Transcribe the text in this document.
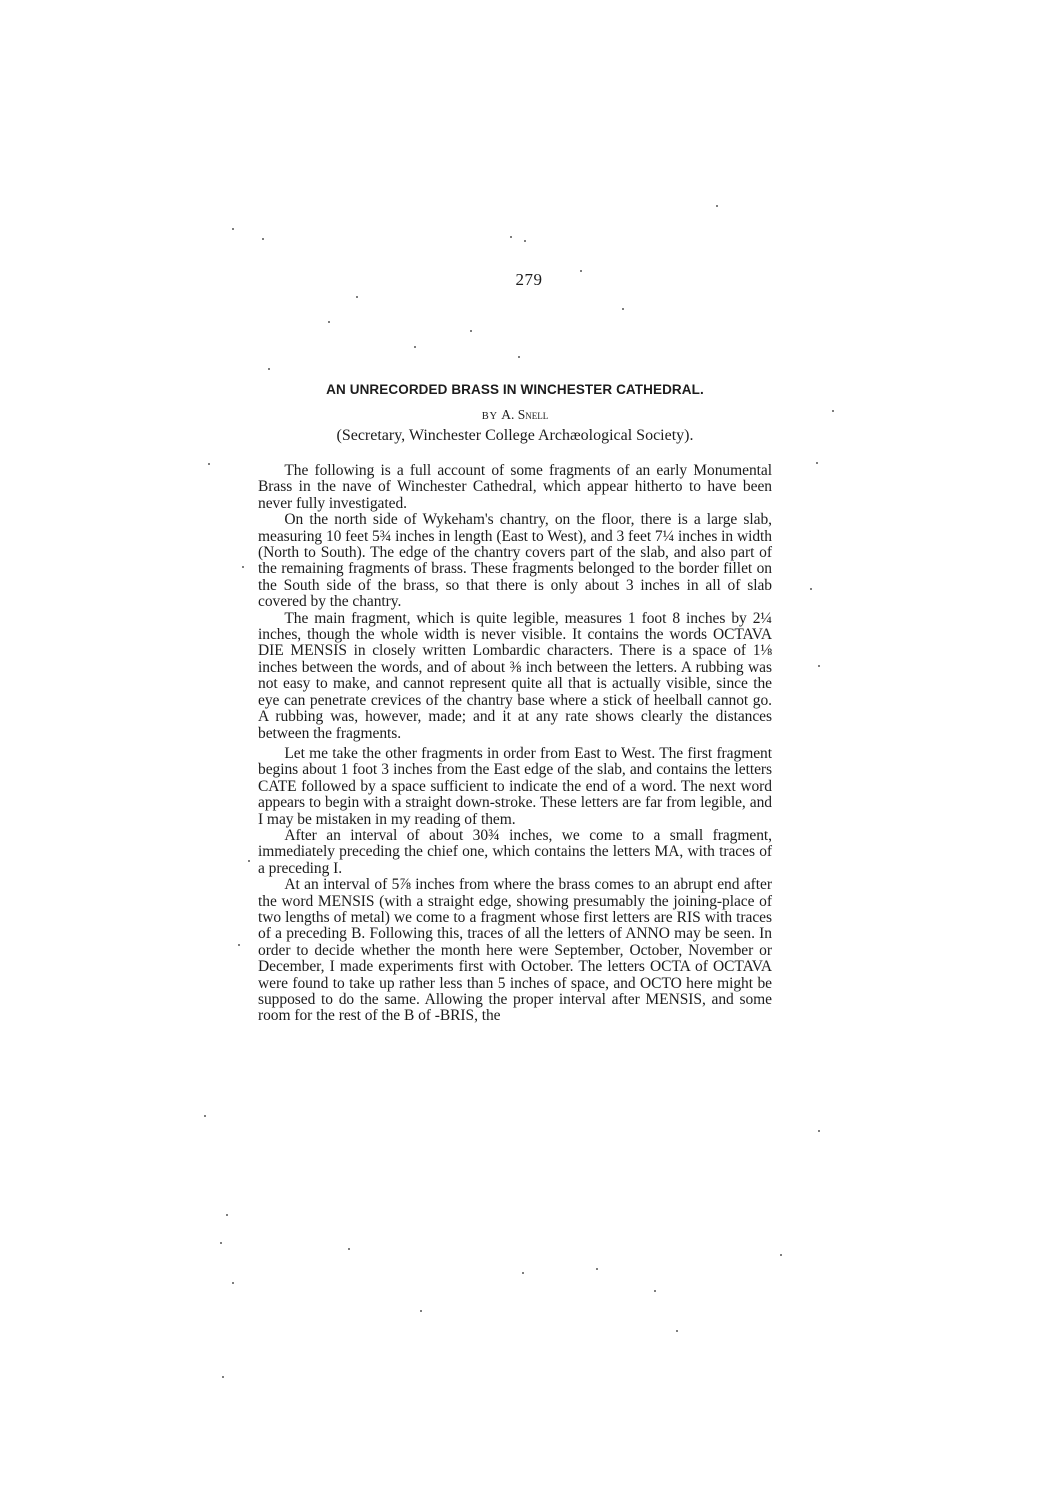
279
AN UNRECORDED BRASS IN WINCHESTER CATHEDRAL.
BY A. Snell
(Secretary, Winchester College Archæological Society).

The following is a full account of some fragments of an early Monumental Brass in the nave of Winchester Cathedral, which appear hitherto to have been never fully investigated.

On the north side of Wykeham's chantry, on the floor, there is a large slab, measuring 10 feet 5¾ inches in length (East to West), and 3 feet 7¼ inches in width (North to South). The edge of the chantry covers part of the slab, and also part of the remaining fragments of brass. These fragments belonged to the border fillet on the South side of the brass, so that there is only about 3 inches in all of slab covered by the chantry.

The main fragment, which is quite legible, measures 1 foot 8 inches by 2¼ inches, though the whole width is never visible. It contains the words OCTAVA DIE MENSIS in closely written Lombardic characters. There is a space of 1⅛ inches between the words, and of about ⅜ inch between the letters. A rubbing was not easy to make, and cannot represent quite all that is actually visible, since the eye can penetrate crevices of the chantry base where a stick of heelball cannot go. A rubbing was, however, made; and it at any rate shows clearly the distances between the fragments.

Let me take the other fragments in order from East to West. The first fragment begins about 1 foot 3 inches from the East edge of the slab, and contains the letters CATE followed by a space sufficient to indicate the end of a word. The next word appears to begin with a straight down-stroke. These letters are far from legible, and I may be mistaken in my reading of them.

After an interval of about 30¾ inches, we come to a small fragment, immediately preceding the chief one, which contains the letters MA, with traces of a preceding I.

At an interval of 5⅞ inches from where the brass comes to an abrupt end after the word MENSIS (with a straight edge, showing presumably the joining-place of two lengths of metal) we come to a fragment whose first letters are RIS with traces of a preceding B. Following this, traces of all the letters of ANNO may be seen. In order to decide whether the month here were September, October, November or December, I made experiments first with October. The letters OCTA of OCTAVA were found to take up rather less than 5 inches of space, and OCTO here might be supposed to do the same. Allowing the proper interval after MENSIS, and some room for the rest of the B of -BRIS, the
